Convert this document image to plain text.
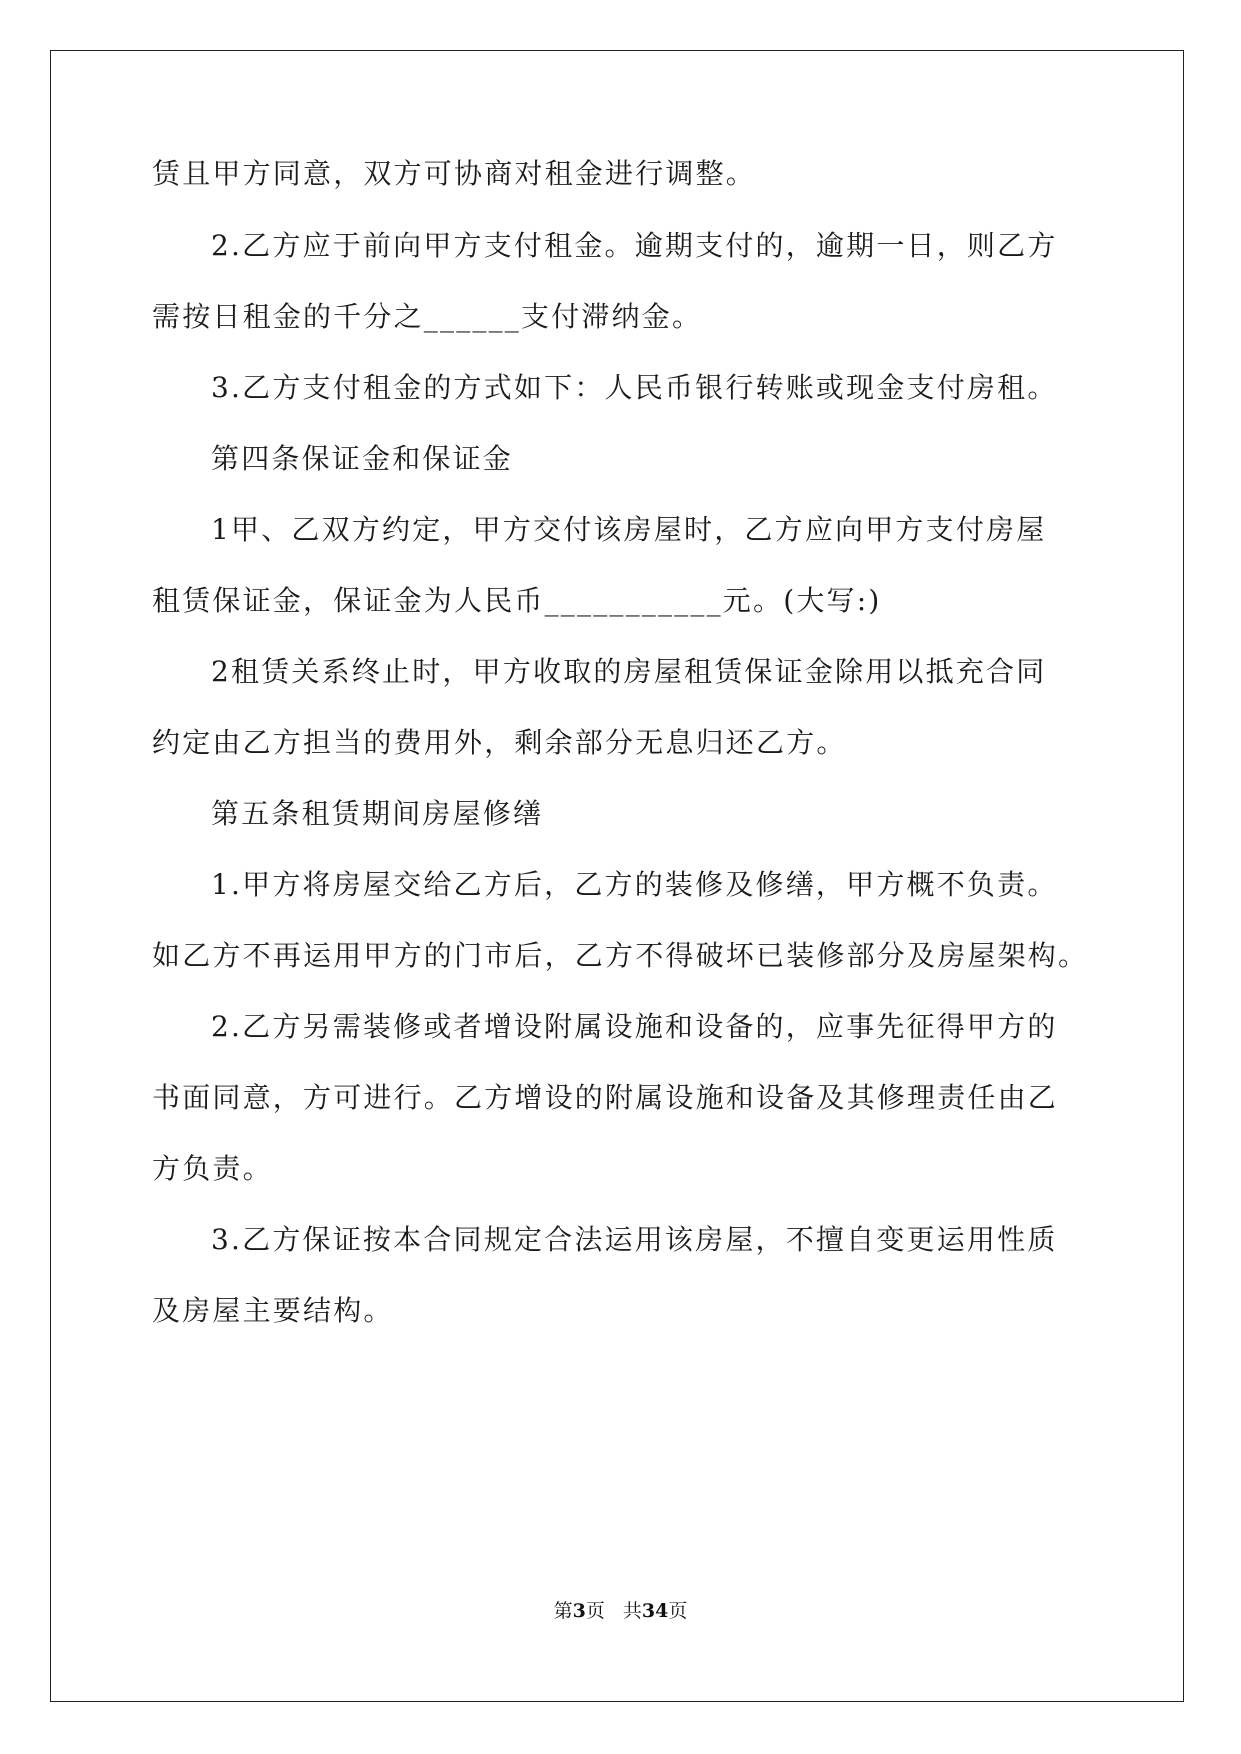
赁且甲方同意，双方可协商对租金进行调整。
2.乙方应于前向甲方支付租金。逾期支付的，逾期一日，则乙方
需按日租金的千分之______支付滞纳金。
3.乙方支付租金的方式如下：人民币银行转账或现金支付房租。
第四条保证金和保证金
1甲、乙双方约定，甲方交付该房屋时，乙方应向甲方支付房屋
租赁保证金，保证金为人民币___________元。(大写:)
2租赁关系终止时，甲方收取的房屋租赁保证金除用以抵充合同
约定由乙方担当的费用外，剩余部分无息归还乙方。
第五条租赁期间房屋修缮
1.甲方将房屋交给乙方后，乙方的装修及修缮，甲方概不负责。
如乙方不再运用甲方的门市后，乙方不得破坏已装修部分及房屋架构。
2.乙方另需装修或者增设附属设施和设备的，应事先征得甲方的
书面同意，方可进行。乙方增设的附属设施和设备及其修理责任由乙
方负责。
3.乙方保证按本合同规定合法运用该房屋，不擅自变更运用性质
及房屋主要结构。
第3页 共34页
